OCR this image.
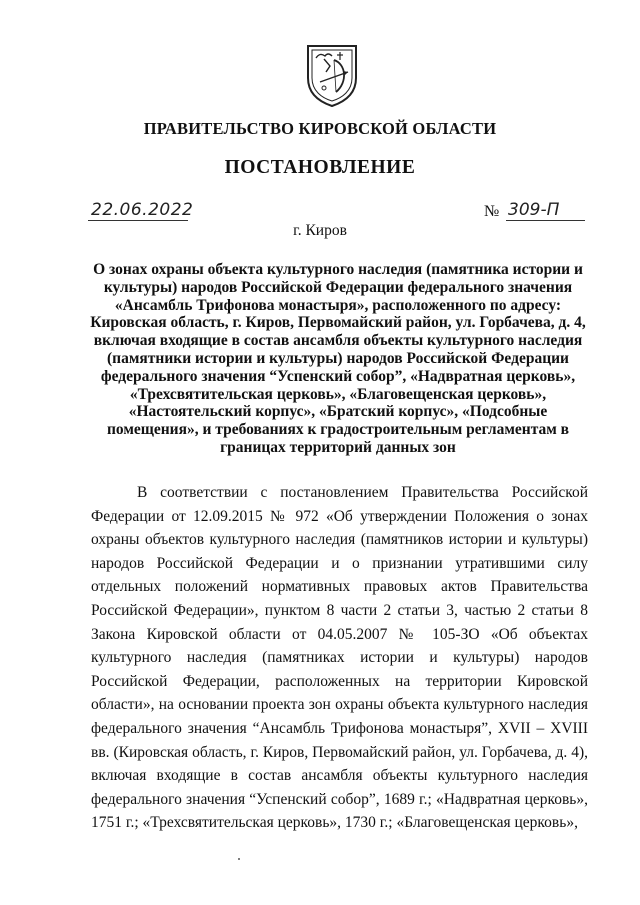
ПРАВИТЕЛЬСТВО КИРОВСКОЙ ОБЛАСТИ
ПОСТАНОВЛЕНИЕ
22.06.2022	№ 309-П
г. Киров
О зонах охраны объекта культурного наследия (памятника истории и культуры) народов Российской Федерации федерального значения «Ансамбль Трифонова монастыря», расположенного по адресу: Кировская область, г. Киров, Первомайский район, ул. Горбачева, д. 4, включая входящие в состав ансамбля объекты культурного наследия (памятники истории и культуры) народов Российской Федерации федерального значения “Успенский собор”, «Надвратная церковь», «Трехсвятительская церковь», «Благовещенская церковь», «Настоятельский корпус», «Братский корпус», «Подсобные помещения», и требованиях к градостроительным регламентам в границах территорий данных зон

В соответствии с постановлением Правительства Российской Федерации от 12.09.2015 № 972 «Об утверждении Положения о зонах охраны объектов культурного наследия (памятников истории и культуры) народов Российской Федерации и о признании утратившими силу отдельных положений нормативных правовых актов Правительства Российской Федерации», пунктом 8 части 2 статьи 3, частью 2 статьи 8 Закона Кировской области от 04.05.2007 № 105-ЗО «Об объектах культурного наследия (памятниках истории и культуры) народов Российской Федерации, расположенных на территории Кировской области», на основании проекта зон охраны объекта культурного наследия федерального значения “Ансамбль Трифонова монастыря”, XVII – XVIII вв. (Кировская область, г. Киров, Первомайский район, ул. Горбачева, д. 4), включая входящие в состав ансамбля объекты культурного наследия федерального значения “Успенский собор”, 1689 г.; «Надвратная церковь», 1751 г.; «Трехсвятительская церковь», 1730 г.; «Благовещенская церковь»,
